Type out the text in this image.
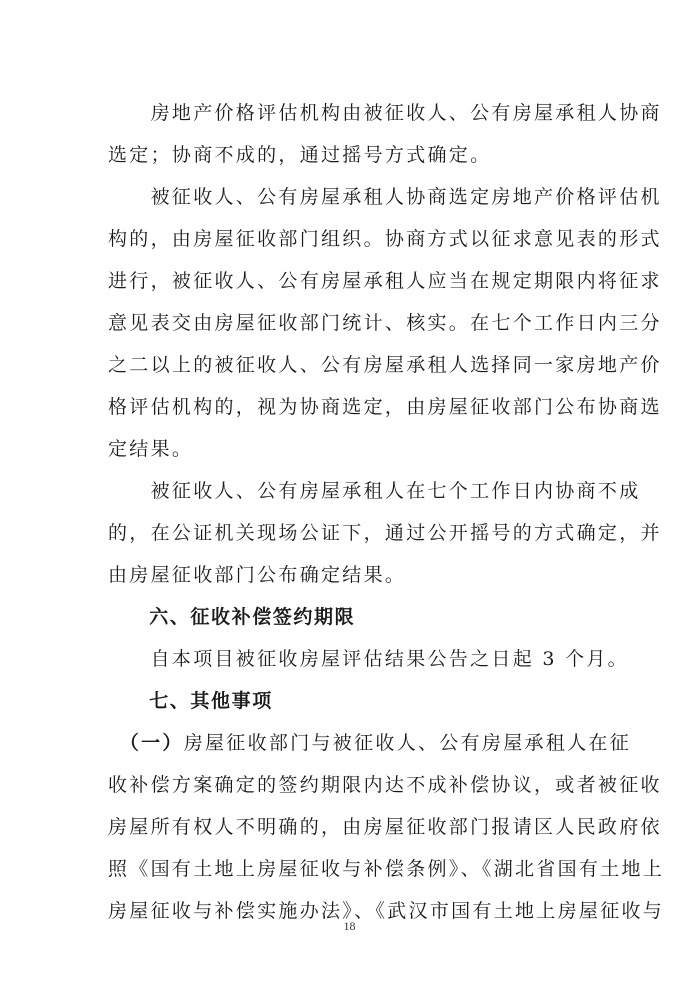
　　房地产价格评估机构由被征收人、公有房屋承租人协商
选定；协商不成的，通过摇号方式确定。
　　被征收人、公有房屋承租人协商选定房地产价格评估机
构的，由房屋征收部门组织。协商方式以征求意见表的形式
进行，被征收人、公有房屋承租人应当在规定期限内将征求
意见表交由房屋征收部门统计、核实。在七个工作日内三分
之二以上的被征收人、公有房屋承租人选择同一家房地产价
格评估机构的，视为协商选定，由房屋征收部门公布协商选
定结果。
　　被征收人、公有房屋承租人在七个工作日内协商不成
的，在公证机关现场公证下，通过公开摇号的方式确定，并
由房屋征收部门公布确定结果。
　　六、征收补偿签约期限
　　自本项目被征收房屋评估结果公告之日起 3 个月。
　　七、其他事项
　（一）房屋征收部门与被征收人、公有房屋承租人在征
收补偿方案确定的签约期限内达不成补偿协议，或者被征收
房屋所有权人不明确的，由房屋征收部门报请区人民政府依
照《国有土地上房屋征收与补偿条例》、《湖北省国有土地上
房屋征收与补偿实施办法》、《武汉市国有土地上房屋征收与
18
